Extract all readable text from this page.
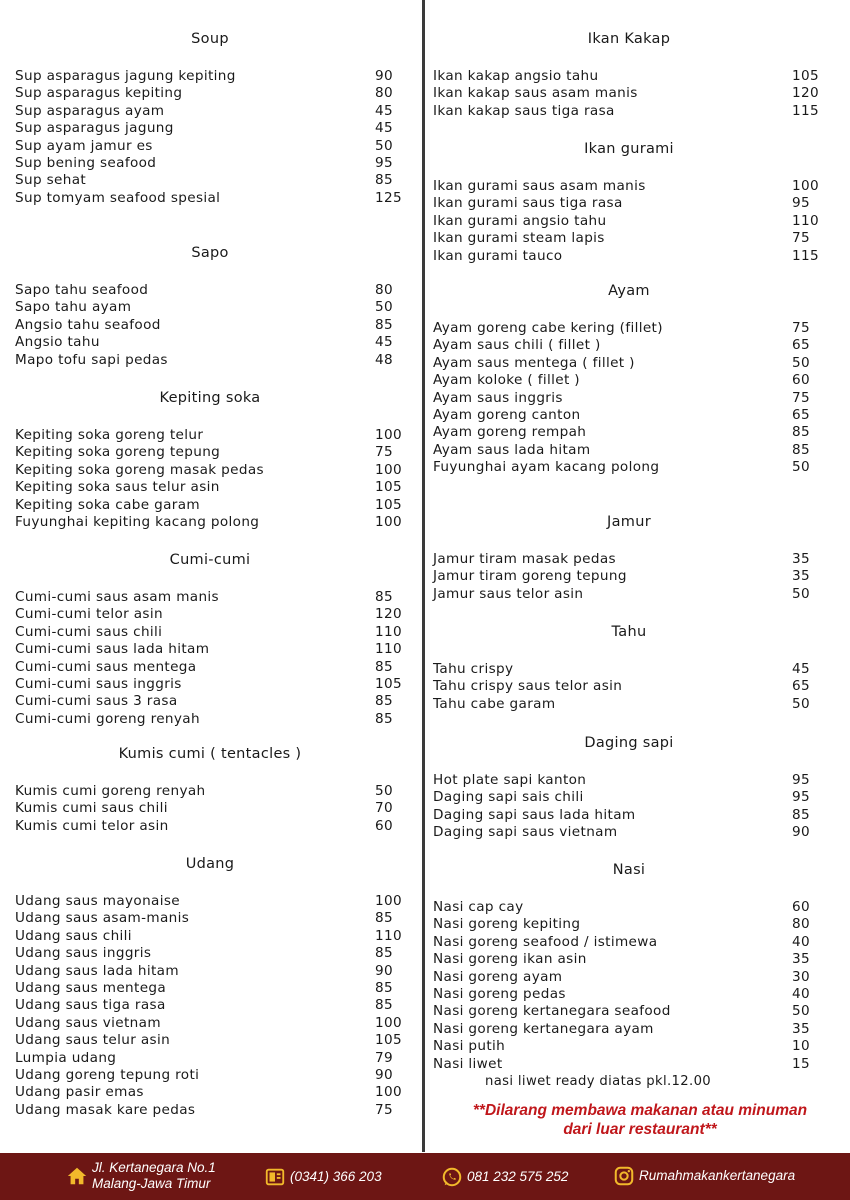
Soup
Sup asparagus jagung kepiting	90
Sup asparagus kepiting	80
Sup asparagus ayam	45
Sup asparagus jagung	45
Sup ayam jamur es	50
Sup bening seafood	95
Sup sehat	85
Sup tomyam seafood spesial	125
Sapo
Sapo tahu seafood	80
Sapo tahu ayam	50
Angsio tahu seafood	85
Angsio tahu	45
Mapo tofu sapi pedas	48
Kepiting soka
Kepiting soka goreng telur	100
Kepiting soka goreng tepung	75
Kepiting soka goreng masak pedas	100
Kepiting soka saus telur asin	105
Kepiting soka cabe garam	105
Fuyunghai kepiting kacang polong	100
Cumi-cumi
Cumi-cumi saus asam manis	85
Cumi-cumi telor asin	120
Cumi-cumi saus chili	110
Cumi-cumi saus lada hitam	110
Cumi-cumi saus mentega	85
Cumi-cumi saus inggris	105
Cumi-cumi saus 3 rasa	85
Cumi-cumi goreng renyah	85
Kumis cumi ( tentacles )
Kumis cumi goreng renyah	50
Kumis cumi saus chili	70
Kumis cumi telor asin	60
Udang
Udang saus mayonaise	100
Udang saus asam-manis	85
Udang saus chili	110
Udang saus inggris	85
Udang saus lada hitam	90
Udang saus mentega	85
Udang saus tiga rasa	85
Udang saus vietnam	100
Udang saus telur asin	105
Lumpia udang	79
Udang goreng tepung roti	90
Udang pasir emas	100
Udang masak kare pedas	75
Ikan Kakap
Ikan kakap angsio tahu	105
Ikan kakap saus asam manis	120
Ikan kakap saus tiga rasa	115
Ikan gurami
Ikan gurami saus asam manis	100
Ikan gurami saus tiga rasa	95
Ikan gurami angsio tahu	110
Ikan gurami steam lapis	75
Ikan gurami tauco	115
Ayam
Ayam goreng cabe kering (fillet)	75
Ayam saus chili ( fillet )	65
Ayam saus mentega ( fillet )	50
Ayam koloke ( fillet )	60
Ayam saus inggris	75
Ayam goreng canton	65
Ayam goreng rempah	85
Ayam saus lada hitam	85
Fuyunghai ayam kacang polong	50
Jamur
Jamur tiram masak pedas	35
Jamur tiram goreng tepung	35
Jamur saus telor asin	50
Tahu
Tahu crispy	45
Tahu crispy saus telor asin	65
Tahu cabe garam	50
Daging sapi
Hot plate sapi kanton	95
Daging sapi sais chili	95
Daging sapi saus lada hitam	85
Daging sapi saus vietnam	90
Nasi
Nasi cap cay	60
Nasi goreng kepiting	80
Nasi goreng seafood / istimewa	40
Nasi goreng ikan asin	35
Nasi goreng ayam	30
Nasi goreng pedas	40
Nasi goreng kertanegara seafood	50
Nasi goreng kertanegara ayam	35
Nasi putih	10
Nasi liwet	15
nasi liwet ready diatas pkl.12.00
**Dilarang membawa makanan atau minuman
dari luar restaurant**
Jl. Kertanegara No.1
Malang-Jawa Timur	(0341) 366 203	081 232 575 252	Rumahmakankertanegara
